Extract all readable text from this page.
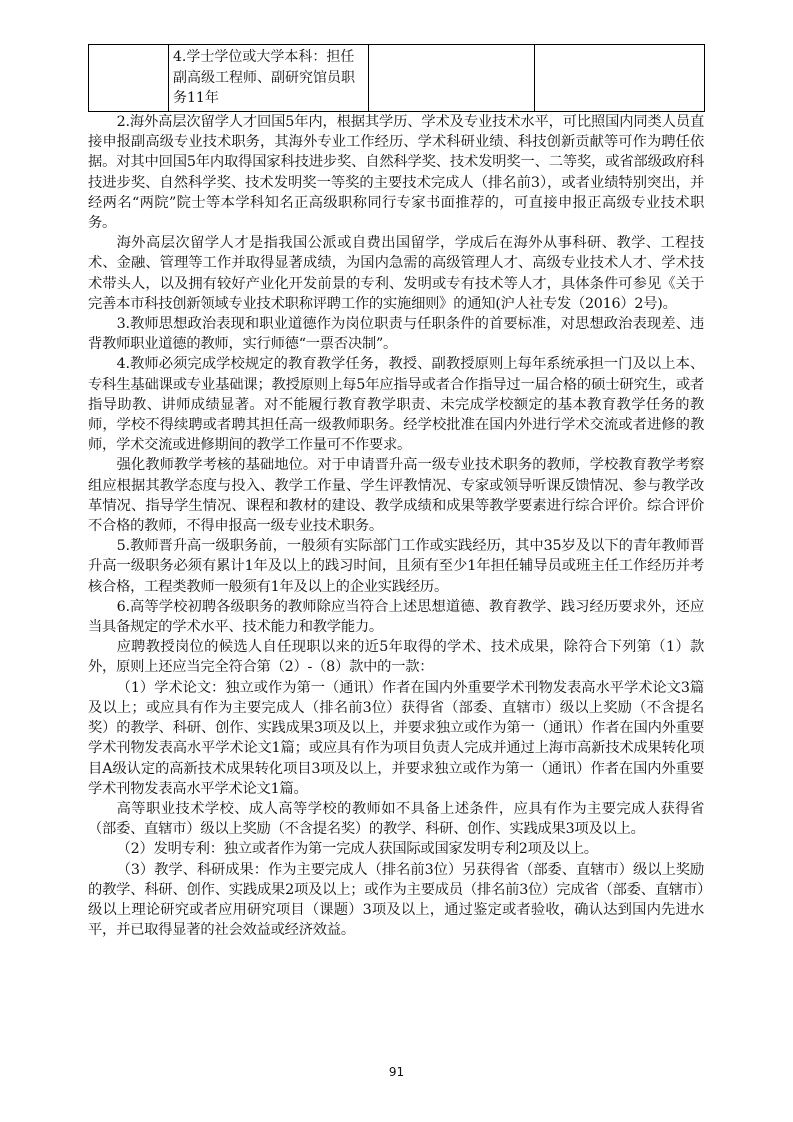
	4.学士学位或大学本科：担任副高级工程师、副研究馆员职务11年		

2.海外高层次留学人才回国5年内，根据其学历、学术及专业技术水平，可比照国内同类人员直接申报副高级专业技术职务，其海外专业工作经历、学术科研业绩、科技创新贡献等可作为聘任依据。对其中回国5年内取得国家科技进步奖、自然科学奖、技术发明奖一、二等奖，或省部级政府科技进步奖、自然科学奖、技术发明奖一等奖的主要技术完成人（排名前3），或者业绩特别突出，并经两名“两院”院士等本学科知名正高级职称同行专家书面推荐的，可直接申报正高级专业技术职务。

海外高层次留学人才是指我国公派或自费出国留学，学成后在海外从事科研、教学、工程技术、金融、管理等工作并取得显著成绩，为国内急需的高级管理人才、高级专业技术人才、学术技术带头人，以及拥有较好产业化开发前景的专利、发明或专有技术等人才，具体条件可参见《关于完善本市科技创新领域专业技术职称评聘工作的实施细则》的通知(沪人社专发（2016）2号)。

3.教师思想政治表现和职业道德作为岗位职责与任职条件的首要标准，对思想政治表现差、违背教师职业道德的教师，实行师德“一票否决制”。

4.教师必须完成学校规定的教育教学任务，教授、副教授原则上每年系统承担一门及以上本、专科生基础课或专业基础课；教授原则上每5年应指导或者合作指导过一届合格的硕士研究生，或者指导助教、讲师成绩显著。对不能履行教育教学职责、未完成学校额定的基本教育教学任务的教师，学校不得续聘或者聘其担任高一级教师职务。经学校批准在国内外进行学术交流或者进修的教师，学术交流或进修期间的教学工作量可不作要求。

强化教师教学考核的基础地位。对于申请晋升高一级专业技术职务的教师，学校教育教学考察组应根据其教学态度与投入、教学工作量、学生评教情况、专家或领导听课反馈情况、参与教学改革情况、指导学生情况、课程和教材的建设、教学成绩和成果等教学要素进行综合评价。综合评价不合格的教师，不得申报高一级专业技术职务。

5.教师晋升高一级职务前，一般须有实际部门工作或实践经历，其中35岁及以下的青年教师晋升高一级职务必须有累计1年及以上的践习时间，且须有至少1年担任辅导员或班主任工作经历并考核合格，工程类教师一般须有1年及以上的企业实践经历。

6.高等学校初聘各级职务的教师除应当符合上述思想道德、教育教学、践习经历要求外，还应当具备规定的学术水平、技术能力和教学能力。

应聘教授岗位的候选人自任现职以来的近5年取得的学术、技术成果，除符合下列第（1）款外，原则上还应当完全符合第（2）-（8）款中的一款：

（1）学术论文：独立或作为第一（通讯）作者在国内外重要学术刊物发表高水平学术论文3篇及以上；或应具有作为主要完成人（排名前3位）获得省（部委、直辖市）级以上奖励（不含提名奖）的教学、科研、创作、实践成果3项及以上，并要求独立或作为第一（通讯）作者在国内外重要学术刊物发表高水平学术论文1篇；或应具有作为项目负责人完成并通过上海市高新技术成果转化项目A级认定的高新技术成果转化项目3项及以上，并要求独立或作为第一（通讯）作者在国内外重要学术刊物发表高水平学术论文1篇。

高等职业技术学校、成人高等学校的教师如不具备上述条件，应具有作为主要完成人获得省（部委、直辖市）级以上奖励（不含提名奖）的教学、科研、创作、实践成果3项及以上。

（2）发明专利：独立或者作为第一完成人获国际或国家发明专利2项及以上。

（3）教学、科研成果：作为主要完成人（排名前3位）另获得省（部委、直辖市）级以上奖励的教学、科研、创作、实践成果2项及以上；或作为主要成员（排名前3位）完成省（部委、直辖市）级以上理论研究或者应用研究项目（课题）3项及以上，通过鉴定或者验收，确认达到国内先进水平，并已取得显著的社会效益或经济效益。

91
